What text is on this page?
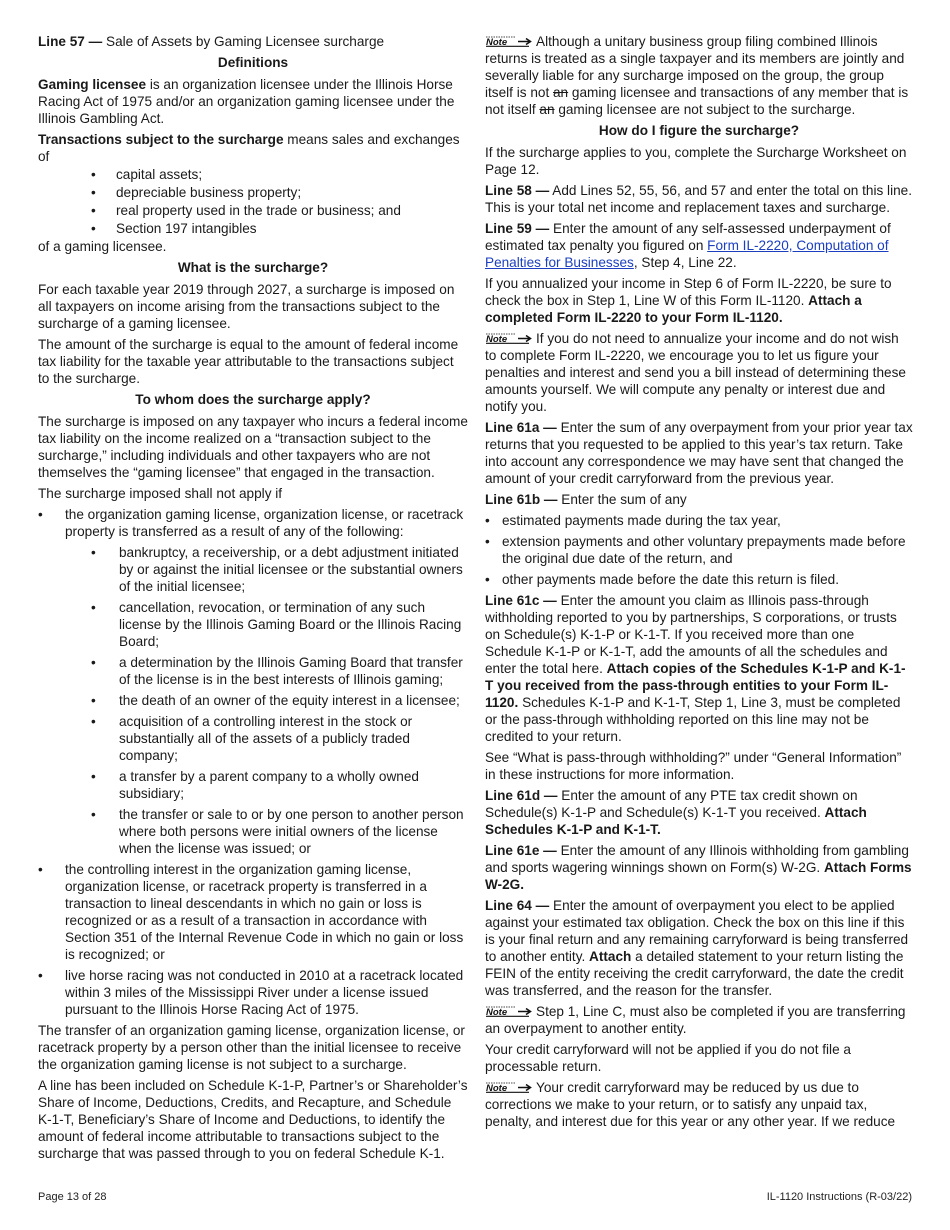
Line 57 — Sale of Assets by Gaming Licensee surcharge

Definitions

Gaming licensee is an organization licensee under the Illinois Horse Racing Act of 1975 and/or an organization gaming licensee under the Illinois Gambling Act.

Transactions subject to the surcharge means sales and exchanges of

• capital assets;
• depreciable business property;
• real property used in the trade or business; and
• Section 197 intangibles

of a gaming licensee.

What is the surcharge?

For each taxable year 2019 through 2027, a surcharge is imposed on all taxpayers on income arising from the transactions subject to the surcharge of a gaming licensee.

The amount of the surcharge is equal to the amount of federal income tax liability for the taxable year attributable to the transactions subject to the surcharge.

To whom does the surcharge apply?

The surcharge is imposed on any taxpayer who incurs a federal income tax liability on the income realized on a “transaction subject to the surcharge,” including individuals and other taxpayers who are not themselves the “gaming licensee” that engaged in the transaction.

The surcharge imposed shall not apply if

• the organization gaming license, organization license, or racetrack property is transferred as a result of any of the following:
• bankruptcy, a receivership, or a debt adjustment initiated by or against the initial licensee or the substantial owners of the initial licensee;
• cancellation, revocation, or termination of any such license by the Illinois Gaming Board or the Illinois Racing Board;
• a determination by the Illinois Gaming Board that transfer of the license is in the best interests of Illinois gaming;
• the death of an owner of the equity interest in a licensee;
• acquisition of a controlling interest in the stock or substantially all of the assets of a publicly traded company;
• a transfer by a parent company to a wholly owned subsidiary;
• the transfer or sale to or by one person to another person where both persons were initial owners of the license when the license was issued; or
• the controlling interest in the organization gaming license, organization license, or racetrack property is transferred in a transaction to lineal descendants in which no gain or loss is recognized or as a result of a transaction in accordance with Section 351 of the Internal Revenue Code in which no gain or loss is recognized; or
• live horse racing was not conducted in 2010 at a racetrack located within 3 miles of the Mississippi River under a license issued pursuant to the Illinois Horse Racing Act of 1975.

The transfer of an organization gaming license, organization license, or racetrack property by a person other than the initial licensee to receive the organization gaming license is not subject to a surcharge.

A line has been included on Schedule K-1-P, Partner’s or Shareholder’s Share of Income, Deductions, Credits, and Recapture, and Schedule K-1-T, Beneficiary’s Share of Income and Deductions, to identify the amount of federal income attributable to transactions subject to the surcharge that was passed through to you on federal Schedule K-1.

Note Although a unitary business group filing combined Illinois returns is treated as a single taxpayer and its members are jointly and severally liable for any surcharge imposed on the group, the group itself is not an gaming licensee and transactions of any member that is not itself an gaming licensee are not subject to the surcharge.

How do I figure the surcharge?

If the surcharge applies to you, complete the Surcharge Worksheet on Page 12.

Line 58 — Add Lines 52, 55, 56, and 57 and enter the total on this line. This is your total net income and replacement taxes and surcharge.

Line 59 — Enter the amount of any self-assessed underpayment of estimated tax penalty you figured on Form IL-2220, Computation of Penalties for Businesses, Step 4, Line 22.

If you annualized your income in Step 6 of Form IL-2220, be sure to check the box in Step 1, Line W of this Form IL-1120. Attach a completed Form IL-2220 to your Form IL-1120.

Note If you do not need to annualize your income and do not wish to complete Form IL-2220, we encourage you to let us figure your penalties and interest and send you a bill instead of determining these amounts yourself. We will compute any penalty or interest due and notify you.

Line 61a — Enter the sum of any overpayment from your prior year tax returns that you requested to be applied to this year’s tax return. Take into account any correspondence we may have sent that changed the amount of your credit carryforward from the previous year.

Line 61b — Enter the sum of any

• estimated payments made during the tax year,
• extension payments and other voluntary prepayments made before the original due date of the return, and
• other payments made before the date this return is filed.

Line 61c — Enter the amount you claim as Illinois pass-through withholding reported to you by partnerships, S corporations, or trusts on Schedule(s) K-1-P or K-1-T. If you received more than one Schedule K-1-P or K-1-T, add the amounts of all the schedules and enter the total here. Attach copies of the Schedules K-1-P and K-1-T you received from the pass-through entities to your Form IL-1120. Schedules K-1-P and K-1-T, Step 1, Line 3, must be completed or the pass-through withholding reported on this line may not be credited to your return.

See “What is pass-through withholding?” under “General Information” in these instructions for more information.

Line 61d — Enter the amount of any PTE tax credit shown on Schedule(s) K-1-P and Schedule(s) K-1-T you received. Attach Schedules K-1-P and K-1-T.

Line 61e — Enter the amount of any Illinois withholding from gambling and sports wagering winnings shown on Form(s) W-2G. Attach Forms W-2G.

Line 64 — Enter the amount of overpayment you elect to be applied against your estimated tax obligation. Check the box on this line if this is your final return and any remaining carryforward is being transferred to another entity. Attach a detailed statement to your return listing the FEIN of the entity receiving the credit carryforward, the date the credit was transferred, and the reason for the transfer.

Note Step 1, Line C, must also be completed if you are transferring an overpayment to another entity.

Your credit carryforward will not be applied if you do not file a processable return.

Note Your credit carryforward may be reduced by us due to corrections we make to your return, or to satisfy any unpaid tax, penalty, and interest due for this year or any other year. If we reduce

Page 13 of 28	IL-1120 Instructions (R-03/22)
